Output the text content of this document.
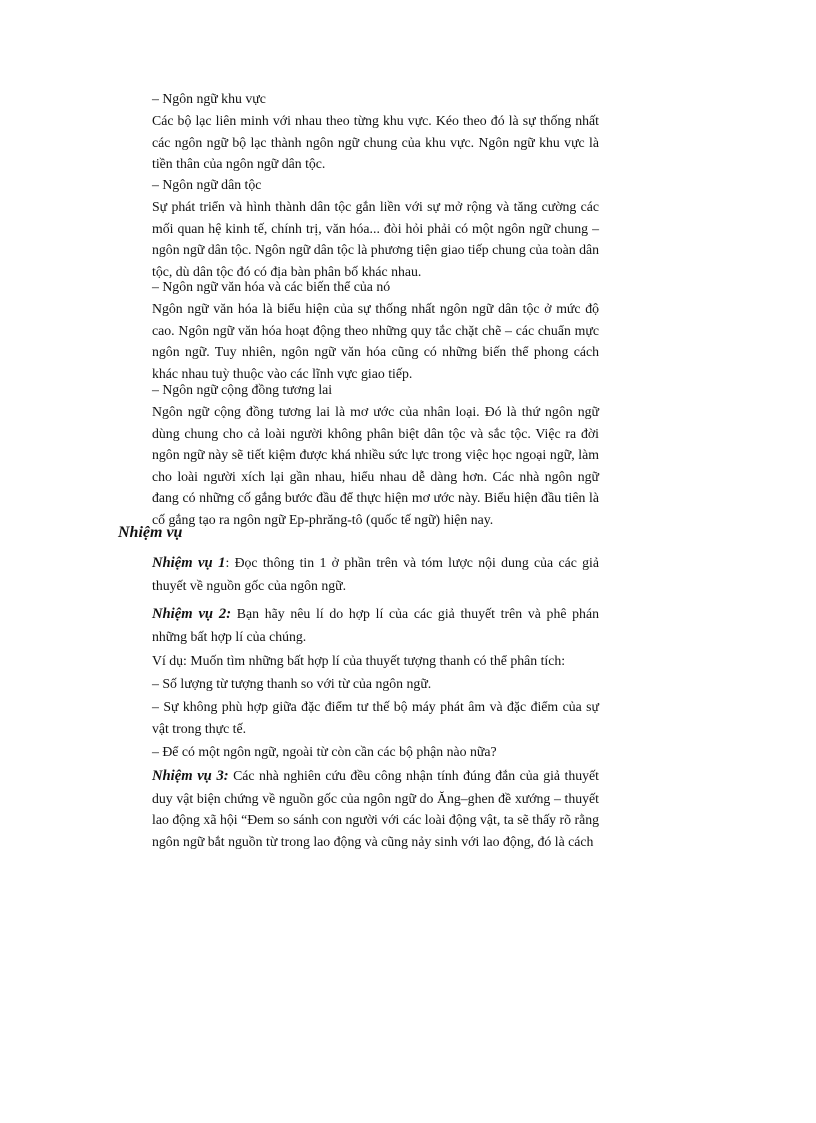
– Ngôn ngữ khu vực

Các bộ lạc liên minh với nhau theo từng khu vực. Kéo theo đó là sự thống nhất các ngôn ngữ bộ lạc thành ngôn ngữ chung của khu vực. Ngôn ngữ khu vực là tiền thân của ngôn ngữ dân tộc.

– Ngôn ngữ dân tộc

Sự phát triển và hình thành dân tộc gắn liền với sự mở rộng và tăng cường các mối quan hệ kinh tế, chính trị, văn hóa... đòi hỏi phải có một ngôn ngữ chung – ngôn ngữ dân tộc. Ngôn ngữ dân tộc là phương tiện giao tiếp chung của toàn dân tộc, dù dân tộc đó có địa bàn phân bố khác nhau.

– Ngôn ngữ văn hóa và các biến thể của nó

Ngôn ngữ văn hóa là biểu hiện của sự thống nhất ngôn ngữ dân tộc ở mức độ cao. Ngôn ngữ văn hóa hoạt động theo những quy tắc chặt chẽ – các chuẩn mực ngôn ngữ. Tuy nhiên, ngôn ngữ văn hóa cũng có những biến thể phong cách khác nhau tuỳ thuộc vào các lĩnh vực giao tiếp.

– Ngôn ngữ cộng đồng tương lai

Ngôn ngữ cộng đồng tương lai là mơ ước của nhân loại. Đó là thứ ngôn ngữ dùng chung cho cả loài người không phân biệt dân tộc và sắc tộc. Việc ra đời ngôn ngữ này sẽ tiết kiệm được khá nhiều sức lực trong việc học ngoại ngữ, làm cho loài người xích lại gần nhau, hiểu nhau dễ dàng hơn. Các nhà ngôn ngữ đang có những cố gắng bước đầu để thực hiện mơ ước này. Biểu hiện đầu tiên là cố gắng tạo ra ngôn ngữ Ep-phrăng-tô (quốc tế ngữ) hiện nay.

Nhiệm vụ

Nhiệm vụ 1: Đọc thông tin 1 ở phần trên và tóm lược nội dung của các giả thuyết về nguồn gốc của ngôn ngữ.

Nhiệm vụ 2: Bạn hãy nêu lí do hợp lí của các giả thuyết trên và phê phán những bất hợp lí của chúng.

Ví dụ: Muốn tìm những bất hợp lí của thuyết tượng thanh có thể phân tích:

– Số lượng từ tượng thanh so với từ của ngôn ngữ.

– Sự không phù hợp giữa đặc điểm tư thế bộ máy phát âm và đặc điểm của sự vật trong thực tế.

– Để có một ngôn ngữ, ngoài từ còn cần các bộ phận nào nữa?

Nhiệm vụ 3: Các nhà nghiên cứu đều công nhận tính đúng đắn của giả thuyết duy vật biện chứng về nguồn gốc của ngôn ngữ do Ăng–ghen đề xướng – thuyết lao động xã hội “Đem so sánh con người với các loài động vật, ta sẽ thấy rõ rằng ngôn ngữ bắt nguồn từ trong lao động và cũng nảy sinh với lao động, đó là cách
